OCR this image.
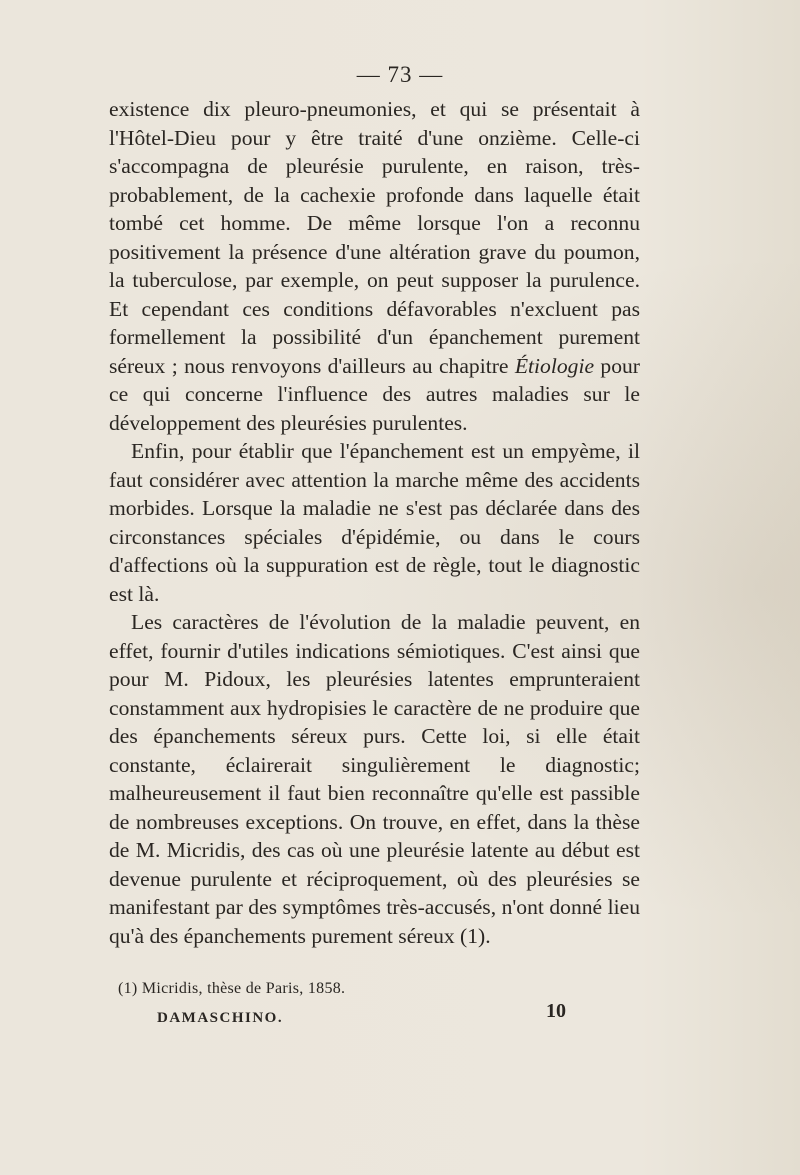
— 73 —

existence dix pleuro-pneumonies, et qui se présentait à l'Hôtel-Dieu pour y être traité d'une onzième. Celle-ci s'accompagna de pleurésie purulente, en raison, très-probablement, de la cachexie profonde dans laquelle était tombé cet homme. De même lorsque l'on a reconnu positivement la présence d'une altération grave du poumon, la tuberculose, par exemple, on peut supposer la purulence. Et cependant ces conditions défavorables n'excluent pas formellement la possibilité d'un épanchement purement séreux ; nous renvoyons d'ailleurs au chapitre Étiologie pour ce qui concerne l'influence des autres maladies sur le développement des pleurésies purulentes.

Enfin, pour établir que l'épanchement est un empyème, il faut considérer avec attention la marche même des accidents morbides. Lorsque la maladie ne s'est pas déclarée dans des circonstances spéciales d'épidémie, ou dans le cours d'affections où la suppuration est de règle, tout le diagnostic est là.

Les caractères de l'évolution de la maladie peuvent, en effet, fournir d'utiles indications sémiotiques. C'est ainsi que pour M. Pidoux, les pleurésies latentes emprunteraient constamment aux hydropisies le caractère de ne produire que des épanchements séreux purs. Cette loi, si elle était constante, éclairerait singulièrement le diagnostic; malheureusement il faut bien reconnaître qu'elle est passible de nombreuses exceptions. On trouve, en effet, dans la thèse de M. Micridis, des cas où une pleurésie latente au début est devenue purulente et réciproquement, où des pleurésies se manifestant par des symptômes très-accusés, n'ont donné lieu qu'à des épanchements purement séreux (1).

(1) Micridis, thèse de Paris, 1858.
DAMASCHINO.	10
